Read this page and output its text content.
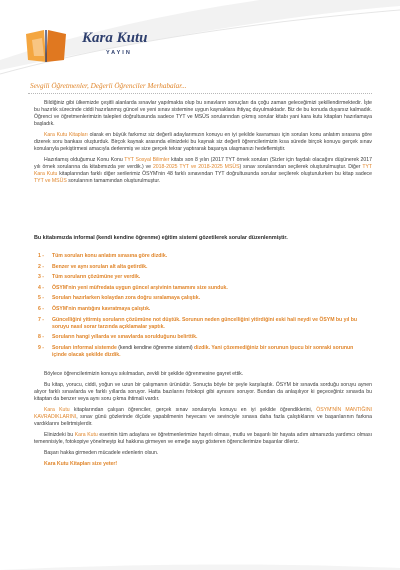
Kara Kutu
YAYIN
Sevgili Öğretmenler, Değerli Öğrenciler Merhabalar...

Bildiğiniz gibi ülkemizde çeşitli alanlarda sınavlar yapılmakta olup bu sınavların sonuçları da çoğu zaman geleceğimizi şekillendirmektedir. İşte bu hazırlık sürecinde ciddi hazırlanmış güncel ve yeni sınav sistemine uygun kaynaklara ihtiyaç duyulmaktadır. Biz de bu konuda duyarsız kalmadık. Öğrenci ve öğretmenlerimizin talepleri doğrultusunda sadece TYT ve MSÜS sorularından çıkmış sorular kitabı yani kara kutu kitapları hazırlamaya başladık.

Kara Kutu Kitapları olarak en büyük farkımız siz değerli adaylarımızın konuyu en iyi şekilde kavraması için soruları konu anlatım sırasına göre dizerek soru bankası oluşturduk. Birçok kaynak arasında elinizdeki bu kaynak siz değerli öğrencilerimizin kısa sürede birçok konuyu gerçek sınav konularıyla pekiştirmesi amacıyla derlenmiş ve size gerçek tekrar yaptırarak başarıya ulaşmanızı hedeflemiştir.

Hazırlamış olduğumuz Konu Konu TYT Sosyal Bilimler kitabı son 8 yılın (2017 TYT örnek soruları (Sizler için faydalı olacağını düşünerek 2017 yılı örnek sorularına da kitabımızda yer verdik.) ve 2018-2025 TYT ve 2018-2025 MSÜS) sınav sorularından seçilerek oluşturulmuştur. Diğer TYT Kara Kutu kitaplarından farklı diğer serilerimiz ÖSYM'nin 48 farklı sınavından TYT doğrultusunda sorular seçilerek oluşturulurken bu kitap sadece TYT ve MSÜS sorularının tamamından oluşturulmuştur.

Bu kitabımızda informal (kendi kendine öğrenme) eğitim sistemi gözetilerek sorular düzenlenmiştir.
1 -	Tüm soruları konu anlatım sırasına göre dizdik.
2 -	Benzer ve aynı soruları alt alta getirdik.
3 -	Tüm soruların çözümüne yer verdik.
4 -	ÖSYM'nin yeni müfredata uygun güncel arşivinin tamamını size sunduk.
5 -	Soruları hazırlarken kolaydan zora doğru sıralamaya çalıştık.
6 -	ÖSYM'nin mantığını kavratmaya çalıştık.
7 -	Güncelliğini yitirmiş soruların çözümüne not düştük. Sorunun neden güncelliğini yitirdiğini eski hali neydi ve ÖSYM bu yıl bu soruyu nasıl sorar tarzında açıklamalar yaptık.
8 -	Soruların hangi yıllarda ve sınavlarda sorulduğunu belirttik.
9 -	Soruları informal sistemde (kendi kendine öğrenme sistemi) dizdik. Yani çözemediğiniz bir sorunun ipucu bir sonraki sorunun içinde olacak şekilde dizdik.

Böylece öğrencilerimizin konuyu sıkılmadan, zevkli bir şekilde öğrenmesine gayret ettik.

Bu kitap, yorucu, ciddi, yoğun ve uzun bir çalışmanın ürünüdür. Sonuçta böyle bir şeyle karşılaştık. ÖSYM bir sınavda sorduğu soruyu aynen alıyor farklı sınavlarda ve farklı yıllarda soruyor. Hatta bazılarını fotokopi gibi aynısını soruyor. Bundan da anlaşılıyor ki geçeceğiniz sınavda bu kitaptan da benzer veya aynı soru çıkma ihtimali vardır.

Kara Kutu kitaplarından çalışan öğrenciler, gerçek sınav sorularıyla konuyu en iyi şekilde öğrendiklerini, ÖSYM'NİN MANTIĞINI KAVRADIKLARINI, sınav günü gözlerinde ölçüde yapabilmenin heyecanı ve sevinciyle sınava daha fazla çalıştıklarını ve başarılarının farkına vardıklarını belirtmişlerdir.

Elinizdeki bu Kara Kutu eserinin tüm adaylara ve öğretmenlerimize hayırlı olması, mutlu ve başarılı bir hayata adım atmanızda yardımcı olması temennisiyle, fotokopiye yönelmeyip kul hakkına girmeyen ve emeğe saygı gösteren öğrencilerimize başarılar dileriz.

Başarı hakka girmeden mücadele edenlerin olsun.

Kara Kutu Kitapları size yeter!
